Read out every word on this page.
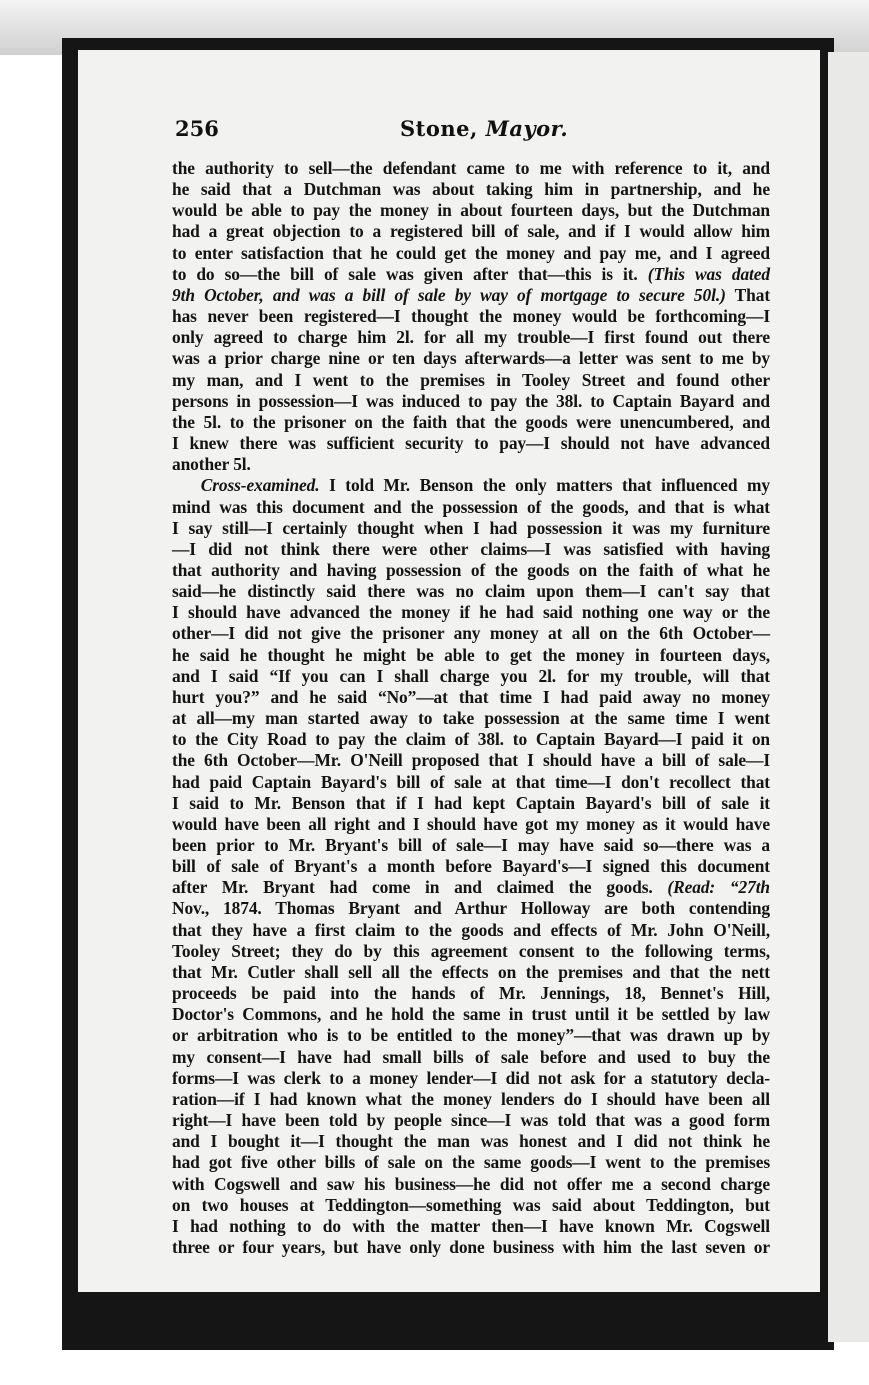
256	Stone, Mayor.
the authority to sell—the defendant came to me with reference to it, and
he said that a Dutchman was about taking him in partnership, and he
would be able to pay the money in about fourteen days, but the Dutchman
had a great objection to a registered bill of sale, and if I would allow him
to enter satisfaction that he could get the money and pay me, and I agreed
to do so—the bill of sale was given after that—this is it. (This was dated
9th October, and was a bill of sale by way of mortgage to secure 50l.) That
has never been registered—I thought the money would be forthcoming—I
only agreed to charge him 2l. for all my trouble—I first found out there
was a prior charge nine or ten days afterwards—a letter was sent to me by
my man, and I went to the premises in Tooley Street and found other
persons in possession—I was induced to pay the 38l. to Captain Bayard and
the 5l. to the prisoner on the faith that the goods were unencumbered, and
I knew there was sufficient security to pay—I should not have advanced
another 5l.
Cross-examined. I told Mr. Benson the only matters that influenced my
mind was this document and the possession of the goods, and that is what
I say still—I certainly thought when I had possession it was my furniture
—I did not think there were other claims—I was satisfied with having
that authority and having possession of the goods on the faith of what he
said—he distinctly said there was no claim upon them—I can't say that
I should have advanced the money if he had said nothing one way or the
other—I did not give the prisoner any money at all on the 6th October—
he said he thought he might be able to get the money in fourteen days,
and I said “If you can I shall charge you 2l. for my trouble, will that
hurt you?” and he said “No”—at that time I had paid away no money
at all—my man started away to take possession at the same time I went
to the City Road to pay the claim of 38l. to Captain Bayard—I paid it on
the 6th October—Mr. O'Neill proposed that I should have a bill of sale—I
had paid Captain Bayard's bill of sale at that time—I don't recollect that
I said to Mr. Benson that if I had kept Captain Bayard's bill of sale it
would have been all right and I should have got my money as it would have
been prior to Mr. Bryant's bill of sale—I may have said so—there was a
bill of sale of Bryant's a month before Bayard's—I signed this document
after Mr. Bryant had come in and claimed the goods. (Read: “27th
Nov., 1874. Thomas Bryant and Arthur Holloway are both contending
that they have a first claim to the goods and effects of Mr. John O'Neill,
Tooley Street; they do by this agreement consent to the following terms,
that Mr. Cutler shall sell all the effects on the premises and that the nett
proceeds be paid into the hands of Mr. Jennings, 18, Bennet's Hill,
Doctor's Commons, and he hold the same in trust until it be settled by law
or arbitration who is to be entitled to the money”—that was drawn up by
my consent—I have had small bills of sale before and used to buy the
forms—I was clerk to a money lender—I did not ask for a statutory decla-
ration—if I had known what the money lenders do I should have been all
right—I have been told by people since—I was told that was a good form
and I bought it—I thought the man was honest and I did not think he
had got five other bills of sale on the same goods—I went to the premises
with Cogswell and saw his business—he did not offer me a second charge
on two houses at Teddington—something was said about Teddington, but
I had nothing to do with the matter then—I have known Mr. Cogswell
three or four years, but have only done business with him the last seven or
